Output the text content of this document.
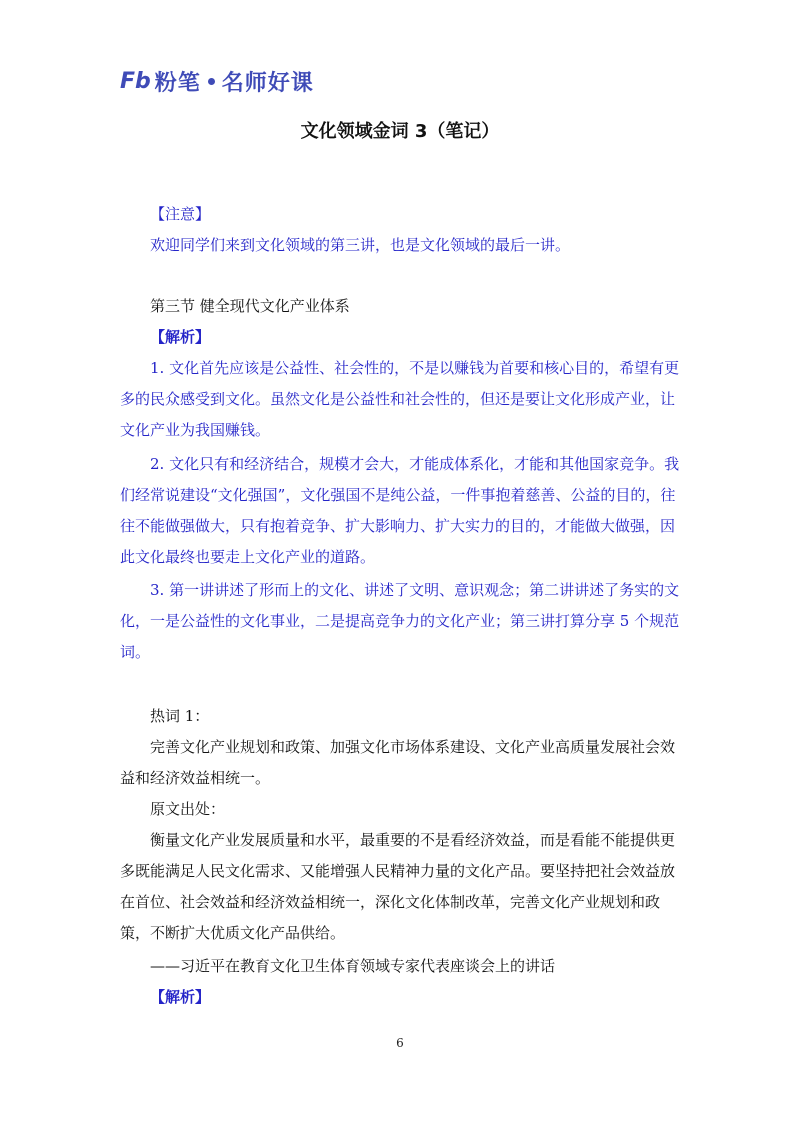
Fb 粉笔 名师好课
文化领域金词 3（笔记）
【注意】
欢迎同学们来到文化领域的第三讲，也是文化领域的最后一讲。
第三节 健全现代文化产业体系
【解析】
1. 文化首先应该是公益性、社会性的，不是以赚钱为首要和核心目的，希望有更多的民众感受到文化。虽然文化是公益性和社会性的，但还是要让文化形成产业，让文化产业为我国赚钱。
2. 文化只有和经济结合，规模才会大，才能成体系化，才能和其他国家竞争。我们经常说建设“文化强国”，文化强国不是纯公益，一件事抱着慈善、公益的目的，往往不能做强做大，只有抱着竞争、扩大影响力、扩大实力的目的，才能做大做强，因此文化最终也要走上文化产业的道路。
3. 第一讲讲述了形而上的文化、讲述了文明、意识观念；第二讲讲述了务实的文化，一是公益性的文化事业，二是提高竞争力的文化产业；第三讲打算分享 5 个规范词。
热词 1：
完善文化产业规划和政策、加强文化市场体系建设、文化产业高质量发展社会效益和经济效益相统一。
原文出处：
衡量文化产业发展质量和水平，最重要的不是看经济效益，而是看能不能提供更多既能满足人民文化需求、又能增强人民精神力量的文化产品。要坚持把社会效益放在首位、社会效益和经济效益相统一，深化文化体制改革，完善文化产业规划和政策，不断扩大优质文化产品供给。
——习近平在教育文化卫生体育领域专家代表座谈会上的讲话
【解析】
6
